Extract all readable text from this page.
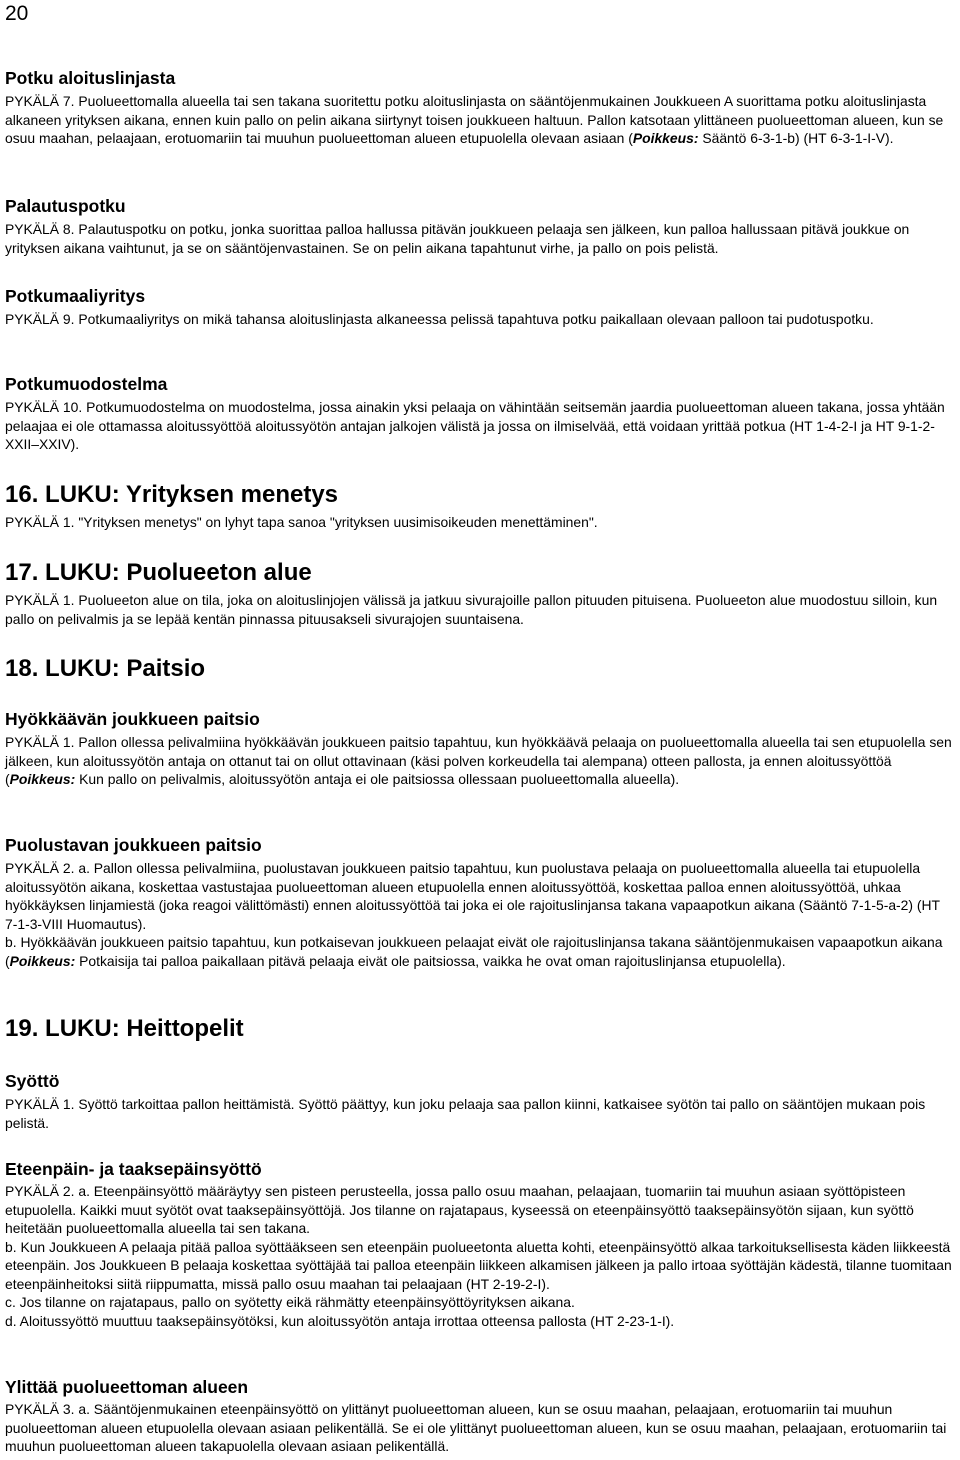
20
Potku aloituslinjasta

PYKÄLÄ 7. Puolueettomalla alueella tai sen takana suoritettu potku aloituslinjasta on sääntöjenmukainen Joukkueen A suorittama potku aloituslinjasta alkaneen yrityksen aikana, ennen kuin pallo on pelin aikana siirtynyt toisen joukkueen haltuun. Pallon katsotaan ylittäneen puolueettoman alueen, kun se osuu maahan, pelaajaan, erotuomariin tai muuhun puolueettoman alueen etupuolella olevaan asiaan (Poikkeus: Sääntö 6-3-1-b) (HT 6-3-1-I-V).

Palautuspotku

PYKÄLÄ 8. Palautuspotku on potku, jonka suorittaa palloa hallussa pitävän joukkueen pelaaja sen jälkeen, kun palloa hallussaan pitävä joukkue on yrityksen aikana vaihtunut, ja se on sääntöjenvastainen. Se on pelin aikana tapahtunut virhe, ja pallo on pois pelistä.

Potkumaaliyritys

PYKÄLÄ 9. Potkumaaliyritys on mikä tahansa aloituslinjasta alkaneessa pelissä tapahtuva potku paikallaan olevaan palloon tai pudotuspotku.

Potkumuodostelma

PYKÄLÄ 10. Potkumuodostelma on muodostelma, jossa ainakin yksi pelaaja on vähintään seitsemän jaardia puolueettoman alueen takana, jossa yhtään pelaajaa ei ole ottamassa aloitussyöttöä aloitussyötön antajan jalkojen välistä ja jossa on ilmiselvää, että voidaan yrittää potkua (HT 1-4-2-I ja HT 9-1-2-XXII–XXIV).

16. LUKU: Yrityksen menetys

PYKÄLÄ 1. "Yrityksen menetys" on lyhyt tapa sanoa "yrityksen uusimisoikeuden menettäminen".

17. LUKU: Puolueeton alue

PYKÄLÄ 1. Puolueeton alue on tila, joka on aloituslinjojen välissä ja jatkuu sivurajoille pallon pituuden pituisena. Puolueeton alue muodostuu silloin, kun pallo on pelivalmis ja se lepää kentän pinnassa pituusakseli sivurajojen suuntaisena.

18. LUKU: Paitsio
Hyökkäävän joukkueen paitsio

PYKÄLÄ 1. Pallon ollessa pelivalmiina hyökkäävän joukkueen paitsio tapahtuu, kun hyökkäävä pelaaja on puolueettomalla alueella tai sen etupuolella sen jälkeen, kun aloitussyötön antaja on ottanut tai on ollut ottavinaan (käsi polven korkeudella tai alempana) otteen pallosta, ja ennen aloitussyöttöä (Poikkeus: Kun pallo on pelivalmis, aloitussyötön antaja ei ole paitsiossa ollessaan puolueettomalla alueella).

Puolustavan joukkueen paitsio

PYKÄLÄ 2. a. Pallon ollessa pelivalmiina, puolustavan joukkueen paitsio tapahtuu, kun puolustava pelaaja on puolueettomalla alueella tai etupuolella aloitussyötön aikana, koskettaa vastustajaa puolueettoman alueen etupuolella ennen aloitussyöttöä, koskettaa palloa ennen aloitussyöttöä, uhkaa hyökkäyksen linjamiestä (joka reagoi välittömästi) ennen aloitussyöttöä tai joka ei ole rajoituslinjansa takana vapaapotkun aikana (Sääntö 7-1-5-a-2) (HT 7-1-3-VIII Huomautus).

b. Hyökkäävän joukkueen paitsio tapahtuu, kun potkaisevan joukkueen pelaajat eivät ole rajoituslinjansa takana sääntöjenmukaisen vapaapotkun aikana (Poikkeus: Potkaisija tai palloa paikallaan pitävä pelaaja eivät ole paitsiossa, vaikka he ovat oman rajoituslinjansa etupuolella).

19. LUKU: Heittopelit
Syöttö

PYKÄLÄ 1. Syöttö tarkoittaa pallon heittämistä. Syöttö päättyy, kun joku pelaaja saa pallon kiinni, katkaisee syötön tai pallo on sääntöjen mukaan pois pelistä.

Eteenpäin- ja taaksepäinsyöttö

PYKÄLÄ 2. a. Eteenpäinsyöttö määräytyy sen pisteen perusteella, jossa pallo osuu maahan, pelaajaan, tuomariin tai muuhun asiaan syöttöpisteen etupuolella. Kaikki muut syötöt ovat taaksepäinsyöttöjä. Jos tilanne on rajatapaus, kyseessä on eteenpäinsyöttö taaksepäinsyötön sijaan, kun syöttö heitetään puolueettomalla alueella tai sen takana.

b. Kun Joukkueen A pelaaja pitää palloa syöttääkseen sen eteenpäin puolueetonta aluetta kohti, eteenpäinsyöttö alkaa tarkoituksellisesta käden liikkeestä eteenpäin. Jos Joukkueen B pelaaja koskettaa syöttäjää tai palloa eteenpäin liikkeen alkamisen jälkeen ja pallo irtoaa syöttäjän kädestä, tilanne tuomitaan eteenpäinheitoksi siitä riippumatta, missä pallo osuu maahan tai pelaajaan (HT 2-19-2-I).

c. Jos tilanne on rajatapaus, pallo on syötetty eikä rähmätty eteenpäinsyöttöyrityksen aikana.

d. Aloitussyöttö muuttuu taaksepäinsyötöksi, kun aloitussyötön antaja irrottaa otteensa pallosta (HT 2-23-1-I).

Ylittää puolueettoman alueen

PYKÄLÄ 3. a. Sääntöjenmukainen eteenpäinsyöttö on ylittänyt puolueettoman alueen, kun se osuu maahan, pelaajaan, erotuomariin tai muuhun puolueettoman alueen etupuolella olevaan asiaan pelikentällä. Se ei ole ylittänyt puolueettoman alueen, kun se osuu maahan, pelaajaan, erotuomariin tai muuhun puolueettoman alueen takapuolella olevaan asiaan pelikentällä.
